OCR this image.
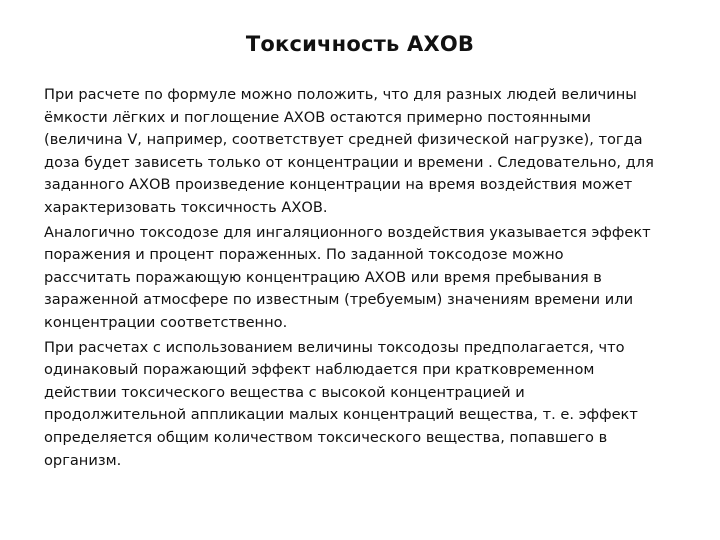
Токсичность АХОВ

При расчете по формуле можно положить, что для разных людей величины
ёмкости лёгких и поглощение АХОВ остаются примерно постоянными
(величина V, например, соответствует средней физической нагрузке), тогда
доза будет зависеть только от концентрации и времени . Следовательно, для
заданного АХОВ произведение концентрации на время воздействия может
характеризовать токсичность АХОВ.

Аналогично токсодозе для ингаляционного воздействия указывается эффект
поражения и процент пораженных. По заданной токсодозе можно
рассчитать поражающую концентрацию АХОВ или время пребывания в
зараженной атмосфере по известным (требуемым) значениям времени или
концентрации соответственно.

При расчетах с использованием величины токсодозы предполагается, что
одинаковый поражающий эффект наблюдается при кратковременном
действии токсического вещества с высокой концентрацией и
продолжительной аппликации малых концентраций вещества, т. е. эффект
определяется общим количеством токсического вещества, попавшего в
организм.
